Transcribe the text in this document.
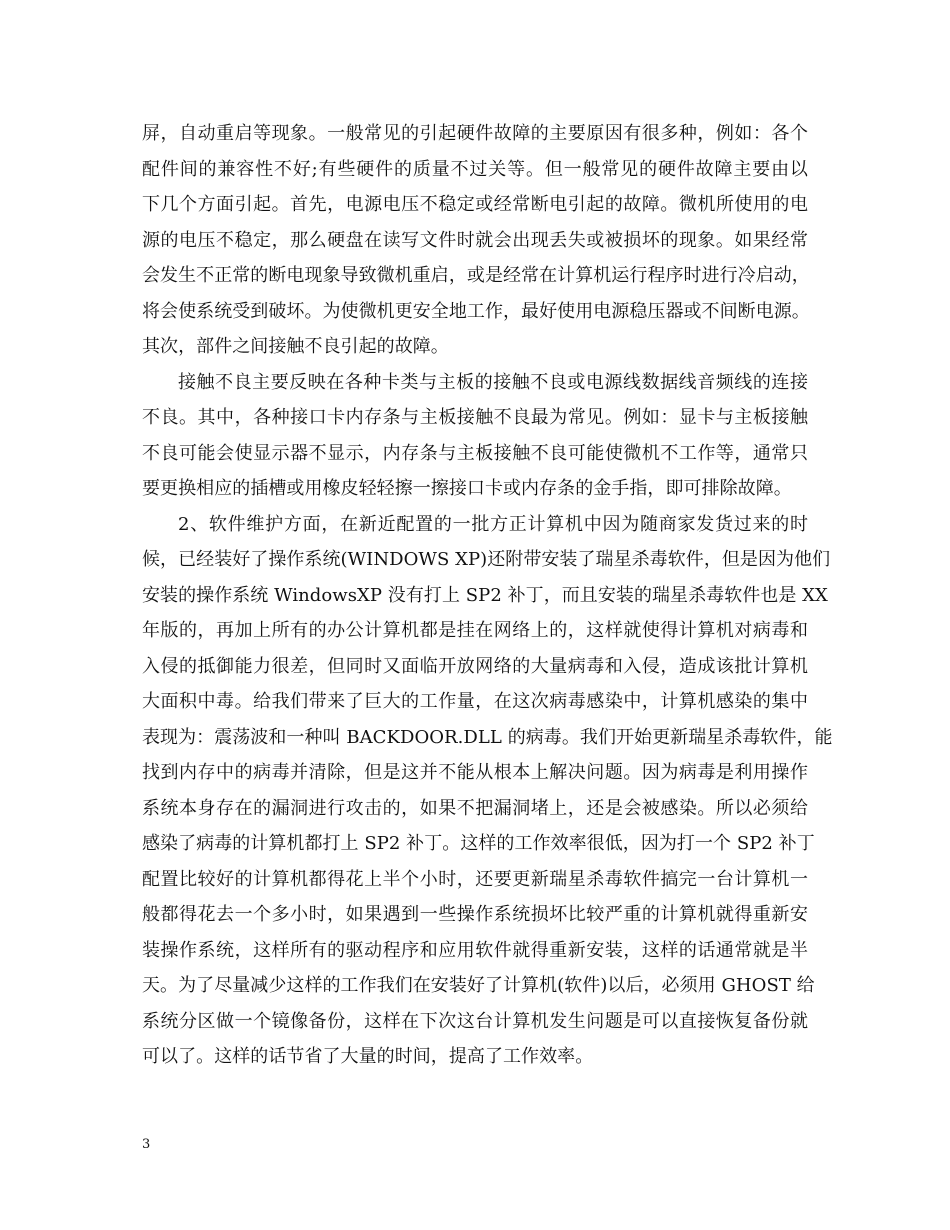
屏，自动重启等现象。一般常见的引起硬件故障的主要原因有很多种，例如：各个
配件间的兼容性不好;有些硬件的质量不过关等。但一般常见的硬件故障主要由以
下几个方面引起。首先，电源电压不稳定或经常断电引起的故障。微机所使用的电
源的电压不稳定，那么硬盘在读写文件时就会出现丢失或被损坏的现象。如果经常
会发生不正常的断电现象导致微机重启，或是经常在计算机运行程序时进行冷启动，
将会使系统受到破坏。为使微机更安全地工作，最好使用电源稳压器或不间断电源。
其次，部件之间接触不良引起的故障。
接触不良主要反映在各种卡类与主板的接触不良或电源线数据线音频线的连接
不良。其中，各种接口卡内存条与主板接触不良最为常见。例如：显卡与主板接触
不良可能会使显示器不显示，内存条与主板接触不良可能使微机不工作等，通常只
要更换相应的插槽或用橡皮轻轻擦一擦接口卡或内存条的金手指，即可排除故障。
2、软件维护方面，在新近配置的一批方正计算机中因为随商家发货过来的时
候，已经装好了操作系统(WINDOWS XP)还附带安装了瑞星杀毒软件，但是因为他们
安装的操作系统 WindowsXP 没有打上 SP2 补丁，而且安装的瑞星杀毒软件也是 XX
年版的，再加上所有的办公计算机都是挂在网络上的，这样就使得计算机对病毒和
入侵的抵御能力很差，但同时又面临开放网络的大量病毒和入侵，造成该批计算机
大面积中毒。给我们带来了巨大的工作量，在这次病毒感染中，计算机感染的集中
表现为：震荡波和一种叫 BACKDOOR.DLL 的病毒。我们开始更新瑞星杀毒软件，能
找到内存中的病毒并清除，但是这并不能从根本上解决问题。因为病毒是利用操作
系统本身存在的漏洞进行攻击的，如果不把漏洞堵上，还是会被感染。所以必须给
感染了病毒的计算机都打上 SP2 补丁。这样的工作效率很低，因为打一个 SP2 补丁
配置比较好的计算机都得花上半个小时，还要更新瑞星杀毒软件搞完一台计算机一
般都得花去一个多小时，如果遇到一些操作系统损坏比较严重的计算机就得重新安
装操作系统，这样所有的驱动程序和应用软件就得重新安装，这样的话通常就是半
天。为了尽量减少这样的工作我们在安装好了计算机(软件)以后，必须用 GHOST 给
系统分区做一个镜像备份，这样在下次这台计算机发生问题是可以直接恢复备份就
可以了。这样的话节省了大量的时间，提高了工作效率。
3
